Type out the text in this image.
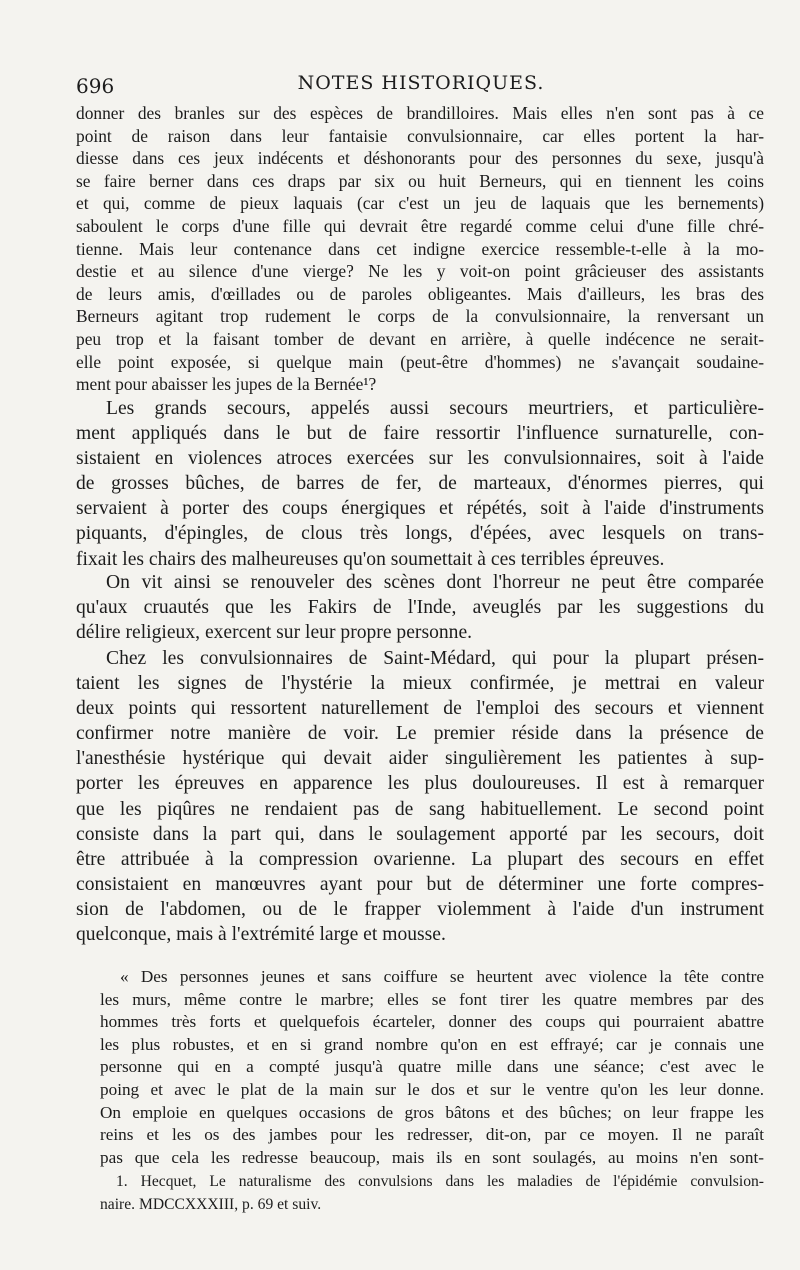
696	NOTES HISTORIQUES.
donner des branles sur des espèces de brandilloires. Mais elles n'en sont pas à ce
point de raison dans leur fantaisie convulsionnaire, car elles portent la har-
diesse dans ces jeux indécents et déshonorants pour des personnes du sexe, jusqu'à
se faire berner dans ces draps par six ou huit Berneurs, qui en tiennent les coins
et qui, comme de pieux laquais (car c'est un jeu de laquais que les bernements)
saboulent le corps d'une fille qui devrait être regardé comme celui d'une fille chré-
tienne. Mais leur contenance dans cet indigne exercice ressemble-t-elle à la mo-
destie et au silence d'une vierge? Ne les y voit-on point grâcieuser des assistants
de leurs amis, d'œillades ou de paroles obligeantes. Mais d'ailleurs, les bras des
Berneurs agitant trop rudement le corps de la convulsionnaire, la renversant un
peu trop et la faisant tomber de devant en arrière, à quelle indécence ne serait-
elle point exposée, si quelque main (peut-être d'hommes) ne s'avançait soudaine-
ment pour abaisser les jupes de la Bernée¹?
Les grands secours, appelés aussi secours meurtriers, et particulière-
ment appliqués dans le but de faire ressortir l'influence surnaturelle, con-
sistaient en violences atroces exercées sur les convulsionnaires, soit à l'aide
de grosses bûches, de barres de fer, de marteaux, d'énormes pierres, qui
servaient à porter des coups énergiques et répétés, soit à l'aide d'instruments
piquants, d'épingles, de clous très longs, d'épées, avec lesquels on trans-
fixait les chairs des malheureuses qu'on soumettait à ces terribles épreuves.
On vit ainsi se renouveler des scènes dont l'horreur ne peut être comparée
qu'aux cruautés que les Fakirs de l'Inde, aveuglés par les suggestions du
délire religieux, exercent sur leur propre personne.
Chez les convulsionnaires de Saint-Médard, qui pour la plupart présen-
taient les signes de l'hystérie la mieux confirmée, je mettrai en valeur
deux points qui ressortent naturellement de l'emploi des secours et viennent
confirmer notre manière de voir. Le premier réside dans la présence de
l'anesthésie hystérique qui devait aider singulièrement les patientes à sup-
porter les épreuves en apparence les plus douloureuses. Il est à remarquer
que les piqûres ne rendaient pas de sang habituellement. Le second point
consiste dans la part qui, dans le soulagement apporté par les secours, doit
être attribuée à la compression ovarienne. La plupart des secours en effet
consistaient en manœuvres ayant pour but de déterminer une forte compres-
sion de l'abdomen, ou de le frapper violemment à l'aide d'un instrument
quelconque, mais à l'extrémité large et mousse.
« Des personnes jeunes et sans coiffure se heurtent avec violence la tête contre
les murs, même contre le marbre; elles se font tirer les quatre membres par des
hommes très forts et quelquefois écarteler, donner des coups qui pourraient abattre
les plus robustes, et en si grand nombre qu'on en est effrayé; car je connais une
personne qui en a compté jusqu'à quatre mille dans une séance; c'est avec le
poing et avec le plat de la main sur le dos et sur le ventre qu'on les leur donne.
On emploie en quelques occasions de gros bâtons et des bûches; on leur frappe les
reins et les os des jambes pour les redresser, dit-on, par ce moyen. Il ne paraît
pas que cela les redresse beaucoup, mais ils en sont soulagés, au moins n'en sont-
1. Hecquet, Le naturalisme des convulsions dans les maladies de l'épidémie convulsion-
naire. MDCCXXXIII, p. 69 et suiv.
